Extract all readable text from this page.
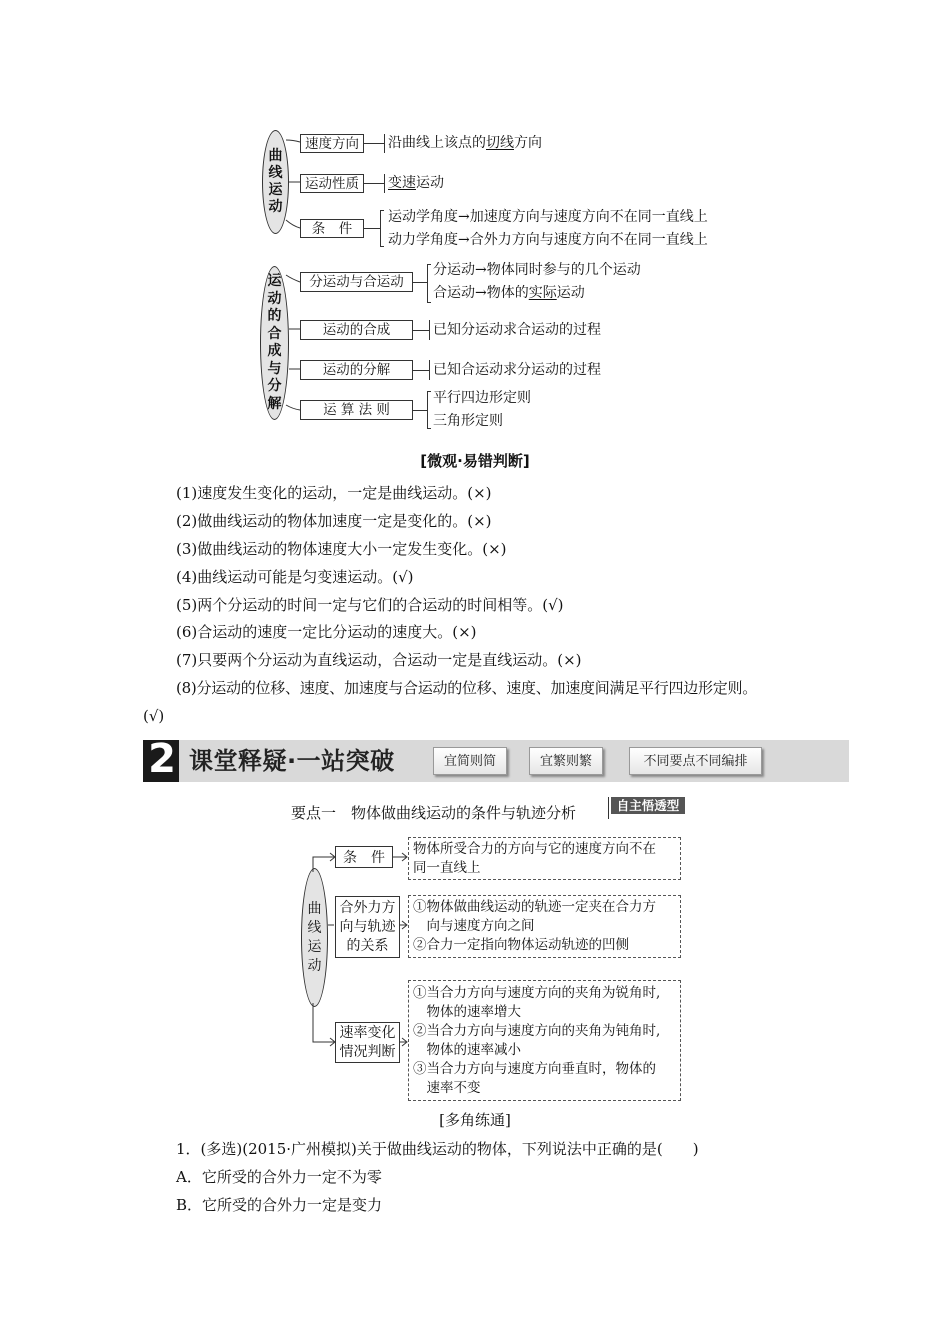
曲线运动
速度方向	沿曲线上该点的切线方向
运动性质	变速运动
条　件
运动学角度→加速度方向与速度方向不在同一直线上
动力学角度→合外力方向与速度方向不在同一直线上
运动的合成与分解
分运动与合运动
分运动→物体同时参与的几个运动
合运动→物体的实际运动
运动的合成	已知分运动求合运动的过程
运动的分解	已知合运动求分运动的过程
运 算 法 则
平行四边形定则
三角形定则
[微观·易错判断]
(1)速度发生变化的运动，一定是曲线运动。(×)
(2)做曲线运动的物体加速度一定是变化的。(×)
(3)做曲线运动的物体速度大小一定发生变化。(×)
(4)曲线运动可能是匀变速运动。(√)
(5)两个分运动的时间一定与它们的合运动的时间相等。(√)
(6)合运动的速度一定比分运动的速度大。(×)
(7)只要两个分运动为直线运动，合运动一定是直线运动。(×)
(8)分运动的位移、速度、加速度与合运动的位移、速度、加速度间满足平行四边形定则。
(√)
2 课堂释疑·一站突破	宜简则简	宜繁则繁	不同要点不同编排
要点一　物体做曲线运动的条件与轨迹分析	自主悟透型
曲线运动
条　件
物体所受合力的方向与它的速度方向不在
同一直线上
合外力方
向与轨迹
的关系
①物体做曲线运动的轨迹一定夹在合力方
　向与速度方向之间
②合力一定指向物体运动轨迹的凹侧
速率变化
情况判断
①当合力方向与速度方向的夹角为锐角时,
　物体的速率增大
②当合力方向与速度方向的夹角为钝角时,
　物体的速率减小
③当合力方向与速度方向垂直时，物体的
　速率不变
[多角练通]
1．(多选)(2015·广州模拟)关于做曲线运动的物体，下列说法中正确的是(　　)
A．它所受的合外力一定不为零
B．它所受的合外力一定是变力
